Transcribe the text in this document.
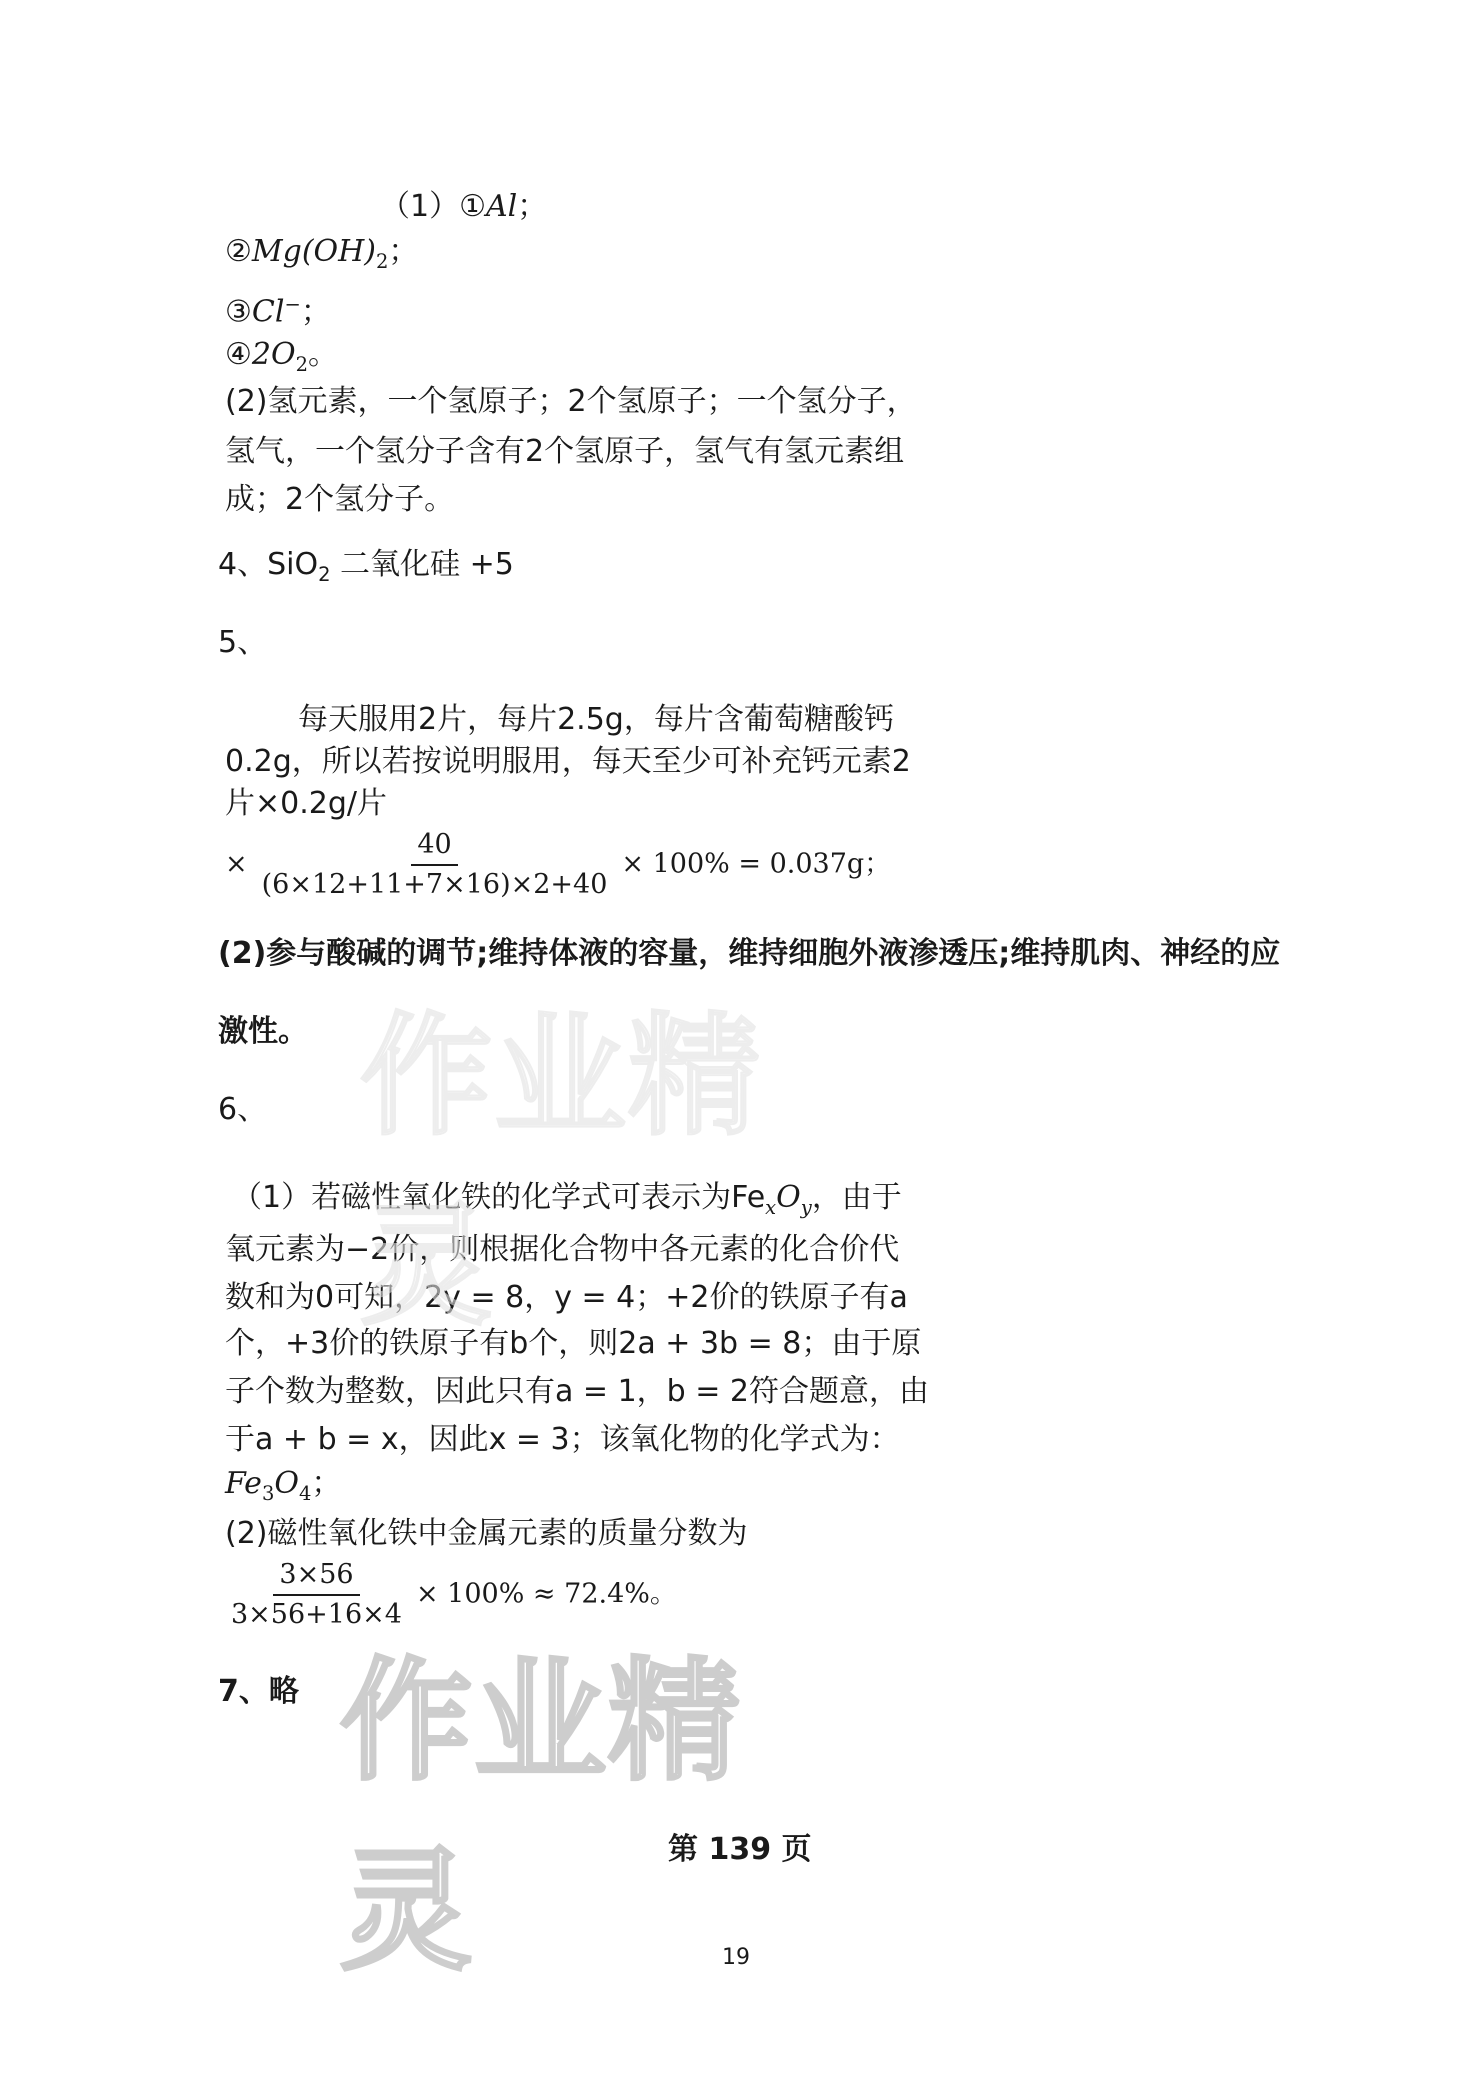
（1）①Al；
$②Mg(OH)_2$；
③Cl−；
$④2O_2$。
(2)氢元素，一个氢原子；2个氢原子；一个氢分子，
氢气，一个氢分子含有2个氢原子，氢气有氢元素组
成；2个氢分子。
4、SiO$_2$ 二氧化硅 +5
5、
每天服用2片，每片2.5g，每片含葡萄糖酸钙
0.2g，所以若按说明服用，每天至少可补充钙元素2
片×0.2g/片
× $\frac{40}{(6\times 12+11+7\times 16)\times 2+40} \times 100\% = 0.037g$；
(2)参与酸碱的调节;维持体液的容量，维持细胞外液渗透压;维持肌肉、神经的应
激性。
6、
（1）若磁性氧化铁的化学式可表示为$Fe_xO_y$，由于
氧元素为−2价，则根据化合物中各元素的化合价代
数和为0可知，2y = 8，y = 4；+2价的铁原子有a
个，+3价的铁原子有b个，则2a + 3b = 8；由于原
子个数为整数，因此只有a = 1，b = 2符合题意，由
于a + b = x，因此x = 3；该氧化物的化学式为：
$Fe_3O_4$；
(2)磁性氧化铁中金属元素的质量分数为
$\frac{3\times 56}{3\times 56+16\times 4} \times 100\% \approx 72.4\%$。
7、略
作业精灵
作业精灵	第 139 页
19
